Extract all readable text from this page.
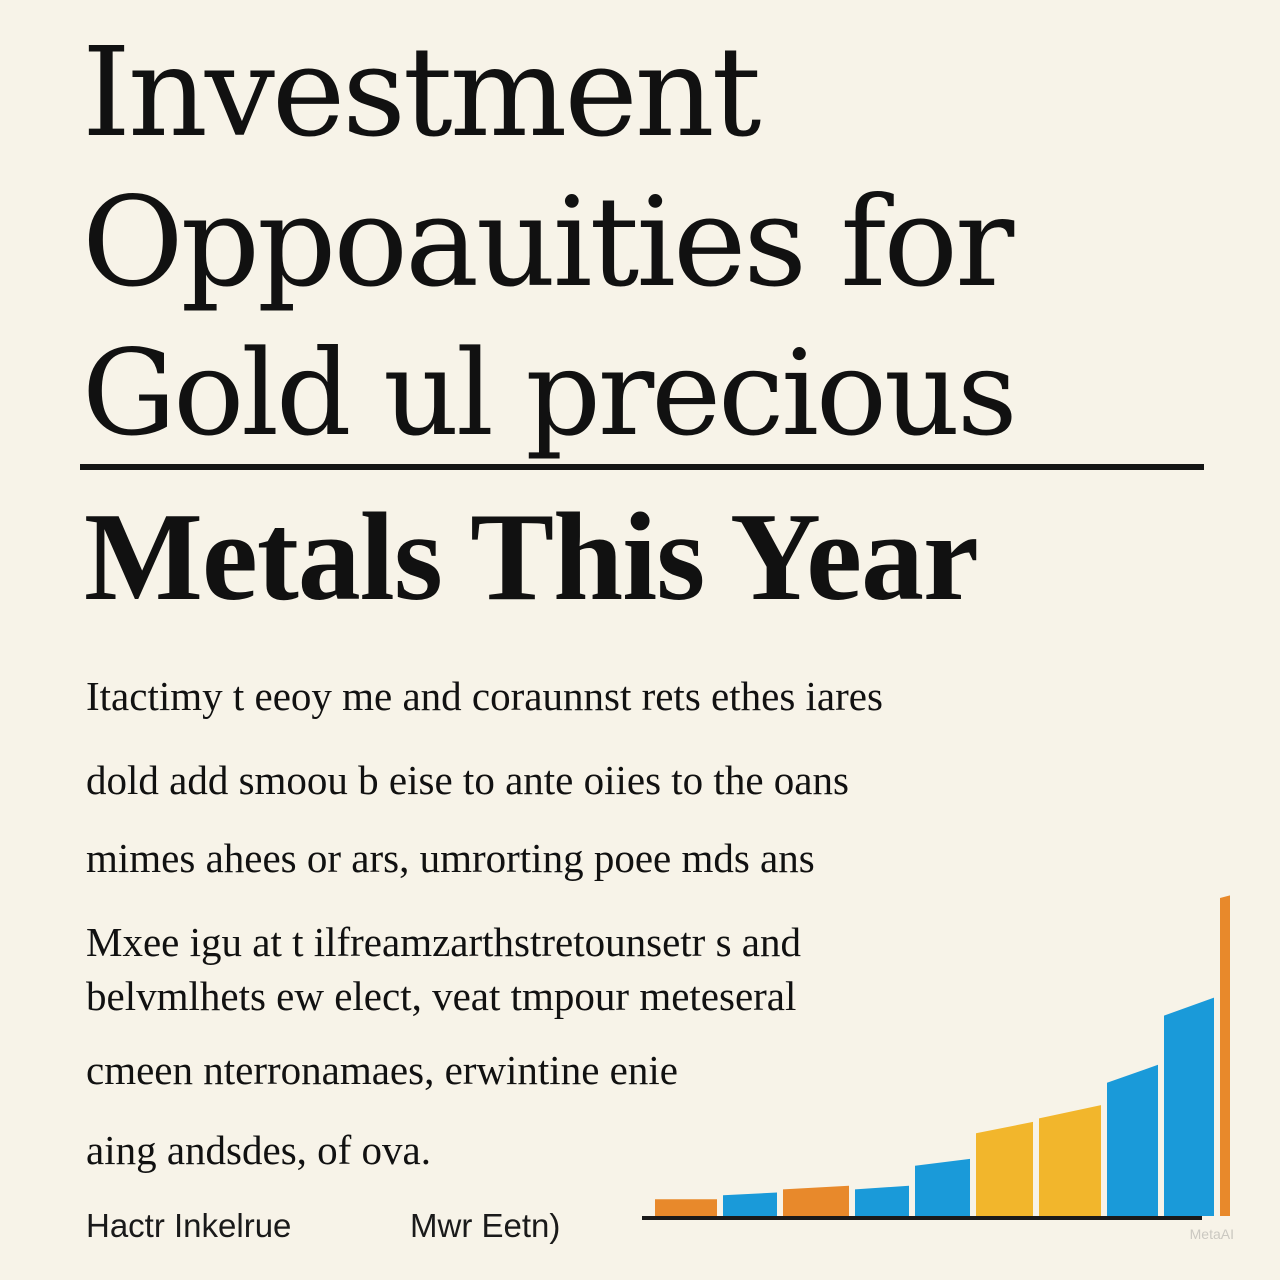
Investment
Oppoаuities for
Gold ul precious
Metals This Year

Itactimy t eeoy me and coraunnst rets ethes iares

dold add smoou b eise to ante oiies to the oans

mimes ahees or ars, umrorting poee mds ans

Mxee igu at t ilfreamzarthstretounsetr s and

belvmlhets ew elect, veat tmpour meteseral

cmeen nterronamaes, erwintine enie

aing andsdes, of ova.

Hactr Inkelrue	Mwr Eetn)	MetaAI
